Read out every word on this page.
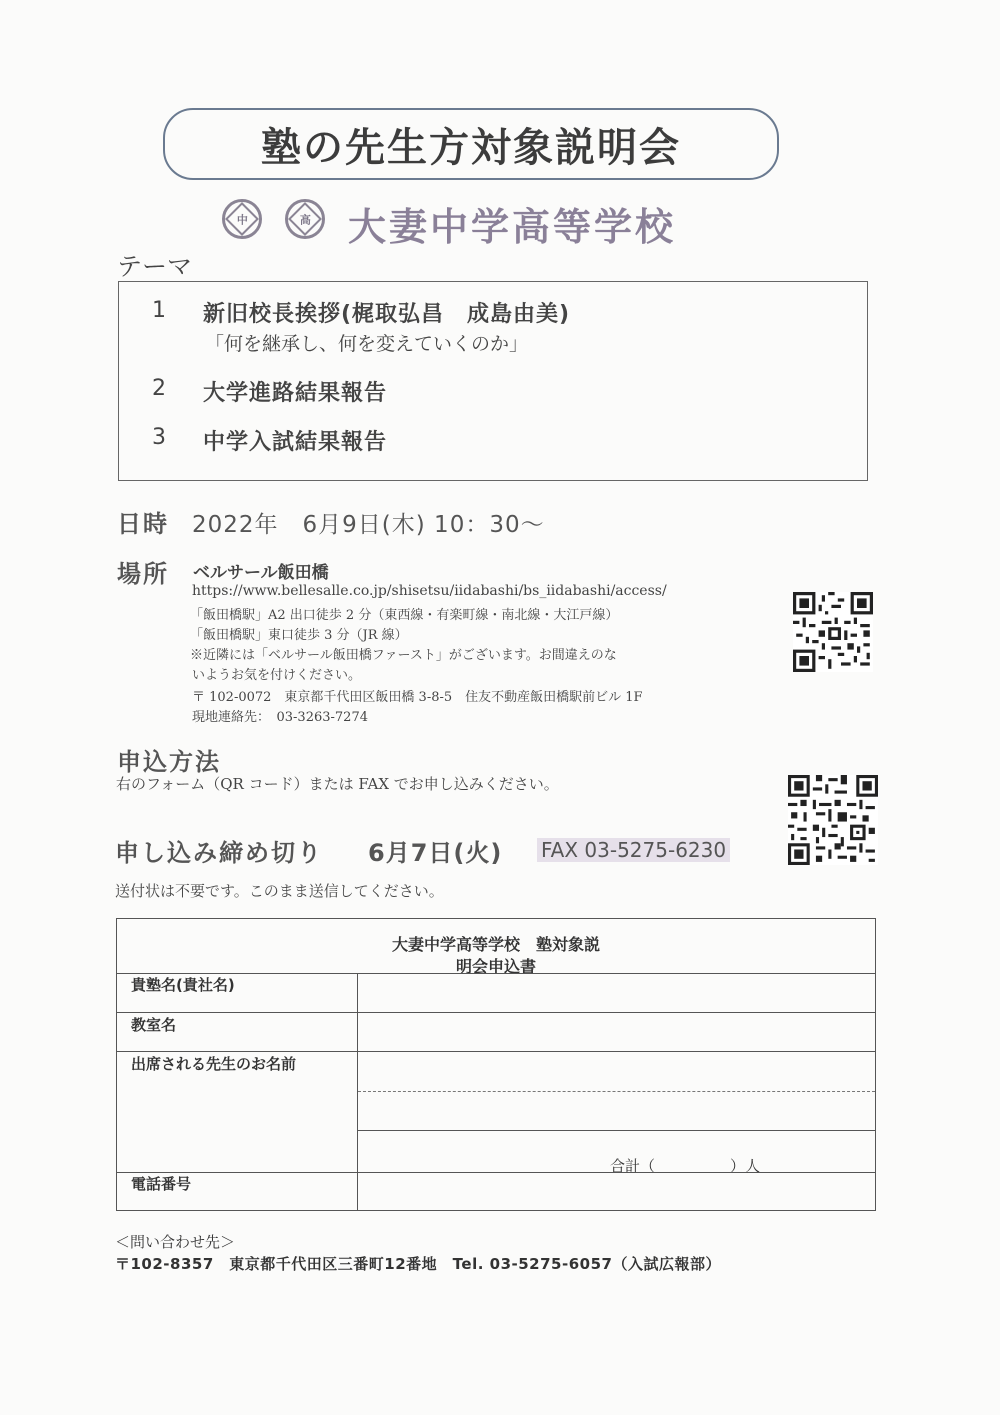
塾の先生方対象説明会
中	高 大妻中学高等学校
テーマ
1 新旧校長挨拶(梶取弘昌　成島由美)
「何を継承し、何を変えていくのか」
2 大学進路結果報告
3 中学入試結果報告
日時 2022年　6月9日(木) 10：30〜
場所 ベルサール飯田橋
https://www.bellesalle.co.jp/shisetsu/iidabashi/bs_iidabashi/access/
「飯田橋駅」A2 出口徒歩 2 分（東西線・有楽町線・南北線・大江戸線）
「飯田橋駅」東口徒歩 3 分（JR 線）
※近隣には「ベルサール飯田橋ファースト」がございます。お間違えのな
いようお気を付けください。
〒 102-0072　東京都千代田区飯田橋 3-8-5　住友不動産飯田橋駅前ビル 1F
現地連絡先：　03-3263-7274
申込方法
右のフォーム（QR コード）または FAX でお申し込みください。
申し込み締め切り 6月7日(火) FAX 03-5275-6230
送付状は不要です。このまま送信してください。
大妻中学高等学校　塾対象説
明会申込書
貴塾名(貴社名)
教室名
出席される先生のお名前
合計（　　　　　）人
電話番号
＜問い合わせ先＞
〒102-8357　東京都千代田区三番町12番地　Tel. 03-5275-6057（入試広報部）
